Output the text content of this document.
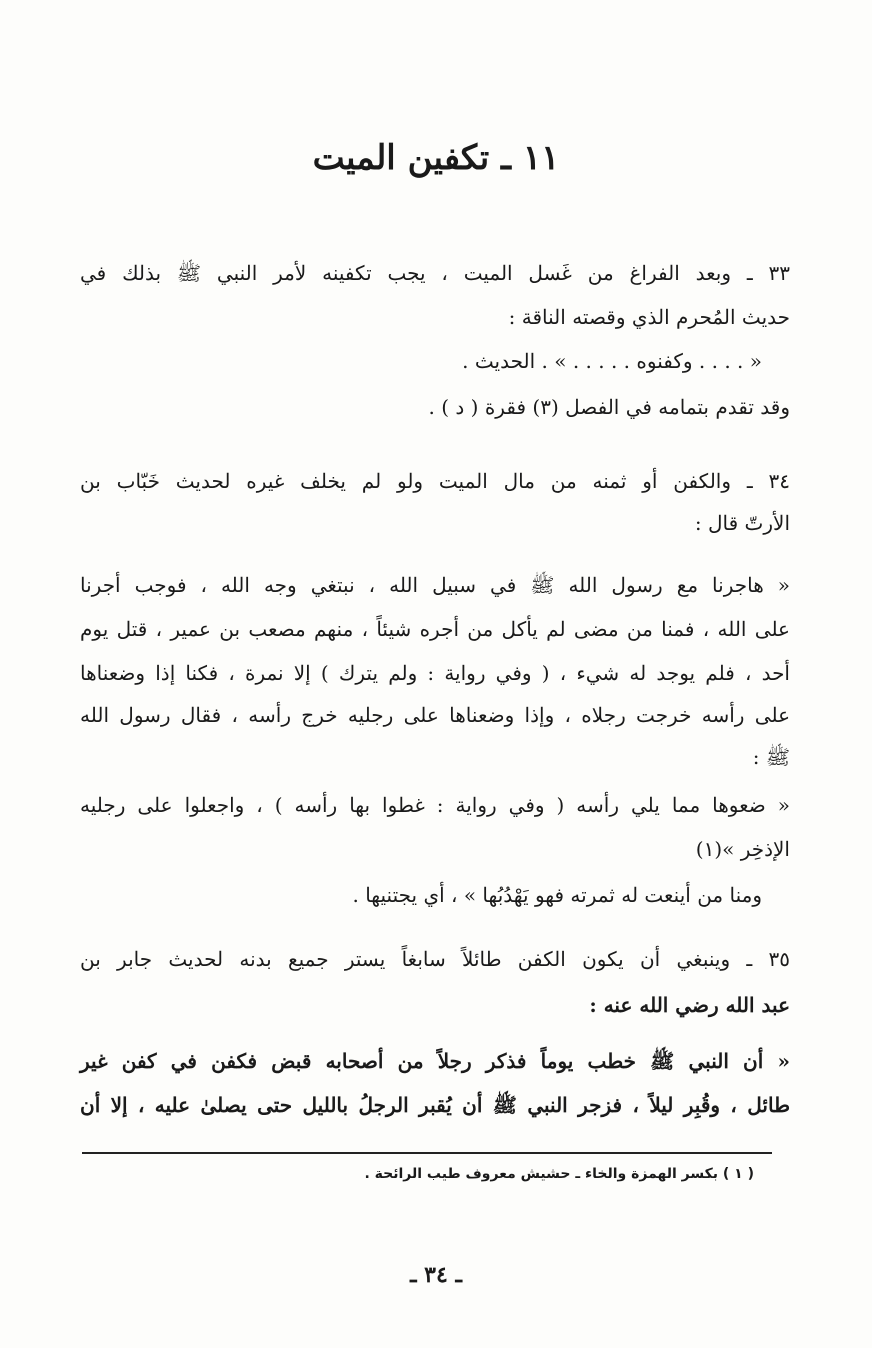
١١ ـ تكفين الميت
٣٣ ـ وبعد الفراغ من غَسل الميت ، يجب تكفينه لأمر النبي ﷺ بذلك في
حديث المُحرم الذي وقصته الناقة :
« . . . . وكفنوه . . . . . » . الحديث .
وقد تقدم بتمامه في الفصل (٣) فقرة ( د ) .
٣٤ ـ والكفن أو ثمنه من مال الميت ولو لم يخلف غيره لحديث خَبّاب بن
الأرتّ قال :
« هاجرنا مع رسول الله ﷺ في سبيل الله ، نبتغي وجه الله ، فوجب أجرنا
على الله ، فمنا من مضى لم يأكل من أجره شيئاً ، منهم مصعب بن عمير ، قتل يوم
أحد ، فلم يوجد له شيء ، ( وفي رواية : ولم يترك ) إلا نمرة ، فكنا إذا وضعناها
على رأسه خرجت رجلاه ، وإذا وضعناها على رجليه خرج رأسه ، فقال رسول الله
ﷺ :
« ضعوها مما يلي رأسه ( وفي رواية : غطوا بها رأسه ) ، واجعلوا على رجليه
الإذخِر »(١)
ومنا من أينعت له ثمرته فهو يَهْدُبُها » ، أي يجتنيها .
٣٥ ـ وينبغي أن يكون الكفن طائلاً سابغاً يستر جميع بدنه لحديث جابر بن
عبد الله رضي الله عنه :
« أن النبي ﷺ خطب يوماً فذكر رجلاً من أصحابه قبض فكفن في كفن غير
طائل ، وقُبِر ليلاً ، فزجر النبي ﷺ أن يُقبر الرجلُ بالليل حتى يصلىٰ عليه ، إلا أن
( ١ ) بكسر الهمزة والخاء ـ حشيش معروف طيب الرائحة .
ـ ٣٤ ـ
